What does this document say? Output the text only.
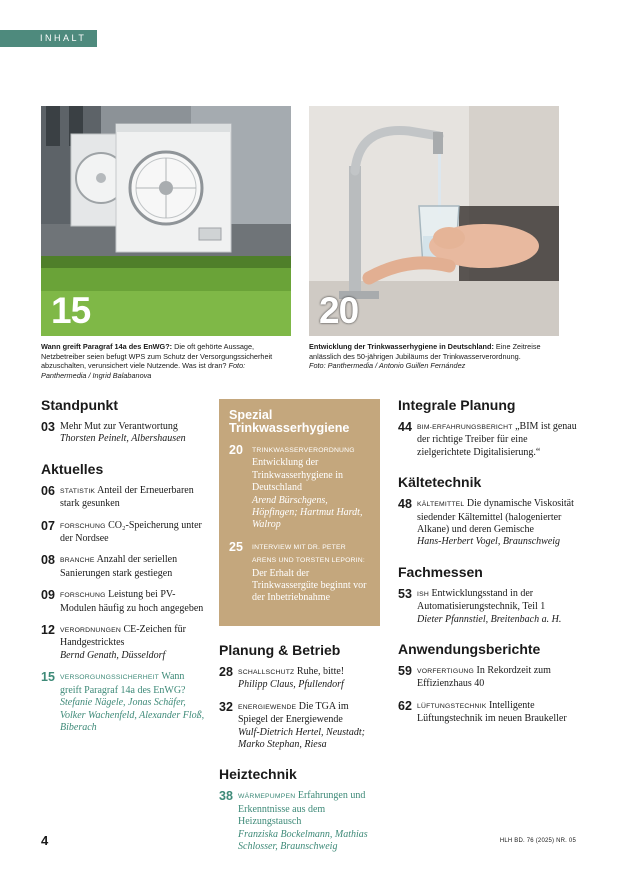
INHALT
15	20
Wann greift Paragraf 14a des EnWG?: Die oft gehörte Aussage, Netzbetreiber seien befugt WPS zum Schutz der Versorgungssicherheit abzuschalten, verunsichert viele Nutzende. Was ist dran? Foto: Panthermedia / Ingrid Balabanova
Entwicklung der Trinkwasserhygiene in Deutschland: Eine Zeitreise anlässlich des 50-jährigen Jubiläums der Trinkwasserverordnung.
Foto: Panthermedia / Antonio Guillen Fernández
Standpunkt
03 Mehr Mut zur Verantwortung
Thorsten Peinelt, Albershausen
Aktuelles
06 STATISTIK Anteil der Erneuerbaren stark gesunken
07 FORSCHUNG CO₂-Speicherung unter der Nordsee
08 BRANCHE Anzahl der seriellen Sanierungen stark gestiegen
09 FORSCHUNG Leistung bei PV-Modulen häufig zu hoch angegeben
12 VERORDNUNGEN CE-Zeichen für Handgestricktes
Bernd Genath, Düsseldorf
15 VERSORGUNGSSICHERHEIT Wann greift Paragraf 14a des EnWG?
Stefanie Nägele, Jonas Schäfer, Volker Wachenfeld, Alexander Floß, Biberach
Spezial Trinkwasserhygiene
20	TRINKWASSERVERORDNUNG
Entwicklung der Trinkwasserhygiene in Deutschland
Arend Bürschgens, Höpfingen; Hartmut Hardt, Walrop
25	INTERVIEW MIT DR. PETER ARENS UND TORSTEN LEPORIN: Der Erhalt der Trinkwassergüte beginnt vor der Inbetriebnahme
Planung & Betrieb
28 SCHALLSCHUTZ Ruhe, bitte!
Philipp Claus, Pfullendorf
32 ENERGIEWENDE Die TGA im Spiegel der Energiewende
Wulf-Dietrich Hertel, Neustadt; Marko Stephan, Riesa
Heiztechnik
38 WÄRMEPUMPEN Erfahrungen und Erkenntnisse aus dem Heizungstausch
Franziska Bockelmann, Mathias Schlosser, Braunschweig
Integrale Planung
44 BIM-ERFAHRUNGSBERICHT „BIM ist genau der richtige Treiber für eine zielgerichtete Digitalisierung.“
Kältetechnik
48 KÄLTEMITTEL Die dynamische Viskosität siedender Kältemittel (halogenierter Alkane) und deren Gemische
Hans-Herbert Vogel, Braunschweig
Fachmessen
53 ISH Entwicklungsstand in der Automatisierungstechnik, Teil 1
Dieter Pfannstiel, Breitenbach a. H.
Anwendungsberichte
59 VORFERTIGUNG In Rekordzeit zum Effizienzhaus 40
62 LÜFTUNGSTECHNIK Intelligente Lüftungstechnik im neuen Braukeller
4	HLH BD. 76 (2025) NR. 05
